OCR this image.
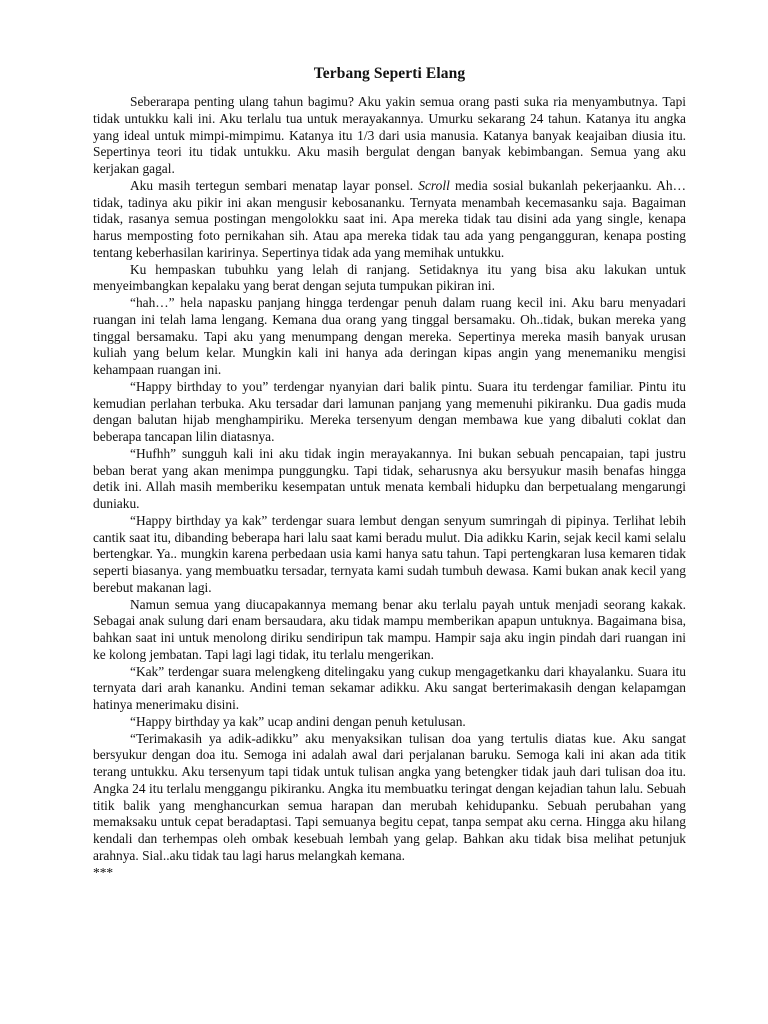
Terbang Seperti Elang

Seberarapa penting ulang tahun bagimu? Aku yakin semua orang pasti suka ria menyambutnya. Tapi tidak untukku kali ini. Aku terlalu tua untuk merayakannya. Umurku sekarang 24 tahun. Katanya itu angka yang ideal untuk mimpi-mimpimu. Katanya itu 1/3 dari usia manusia. Katanya banyak keajaiban diusia itu. Sepertinya teori itu tidak untukku. Aku masih bergulat dengan banyak kebimbangan. Semua yang aku kerjakan gagal.

Aku masih tertegun sembari menatap layar ponsel. Scroll media sosial bukanlah pekerjaanku. Ah… tidak, tadinya aku pikir ini akan mengusir kebosananku. Ternyata menambah kecemasanku saja. Bagaiman tidak, rasanya semua postingan mengolokku saat ini. Apa mereka tidak tau disini ada yang single, kenapa harus memposting foto pernikahan sih. Atau apa mereka tidak tau ada yang pengangguran, kenapa posting tentang keberhasilan karirinya. Sepertinya tidak ada yang memihak untukku.

Ku hempaskan tubuhku yang lelah di ranjang. Setidaknya itu yang bisa aku lakukan untuk menyeimbangkan kepalaku yang berat dengan sejuta tumpukan pikiran ini.

“hah…” hela napasku panjang hingga terdengar penuh dalam ruang kecil ini. Aku baru menyadari ruangan ini telah lama lengang. Kemana dua orang yang tinggal bersamaku. Oh..tidak, bukan mereka yang tinggal bersamaku. Tapi aku yang menumpang dengan mereka. Sepertinya mereka masih banyak urusan kuliah yang belum kelar. Mungkin kali ini hanya ada deringan kipas angin yang menemaniku mengisi kehampaan ruangan ini.

“Happy birthday to you” terdengar nyanyian dari balik pintu. Suara itu terdengar familiar. Pintu itu kemudian perlahan terbuka. Aku tersadar dari lamunan panjang yang memenuhi pikiranku. Dua gadis muda dengan balutan hijab menghampiriku. Mereka tersenyum dengan membawa kue yang dibaluti coklat dan beberapa tancapan lilin diatasnya.

“Hufhh” sungguh kali ini aku tidak ingin merayakannya. Ini bukan sebuah pencapaian, tapi justru beban berat yang akan menimpa punggungku. Tapi tidak, seharusnya aku bersyukur masih benafas hingga detik ini. Allah masih memberiku kesempatan untuk menata kembali hidupku dan berpetualang mengarungi duniaku.

“Happy birthday ya kak” terdengar suara lembut dengan senyum sumringah di pipinya. Terlihat lebih cantik saat itu, dibanding beberapa hari lalu saat kami beradu mulut. Dia adikku Karin, sejak kecil kami selalu bertengkar. Ya.. mungkin karena perbedaan usia kami hanya satu tahun. Tapi pertengkaran lusa kemaren tidak seperti biasanya. yang membuatku tersadar, ternyata kami sudah tumbuh dewasa. Kami bukan anak kecil yang berebut makanan lagi.

Namun semua yang diucapakannya memang benar aku terlalu payah untuk menjadi seorang kakak. Sebagai anak sulung dari enam bersaudara, aku tidak mampu memberikan apapun untuknya. Bagaimana bisa, bahkan saat ini untuk menolong diriku sendiripun tak mampu. Hampir saja aku ingin pindah dari ruangan ini ke kolong jembatan. Tapi lagi lagi tidak, itu terlalu mengerikan.

“Kak” terdengar suara melengkeng ditelingaku yang cukup mengagetkanku dari khayalanku. Suara itu ternyata dari arah kananku. Andini teman sekamar adikku. Aku sangat berterimakasih dengan kelapamgan hatinya menerimaku disini.

“Happy birthday ya kak” ucap andini dengan penuh ketulusan.

“Terimakasih ya adik-adikku” aku menyaksikan tulisan doa yang tertulis diatas kue. Aku sangat bersyukur dengan doa itu. Semoga ini adalah awal dari perjalanan baruku. Semoga kali ini akan ada titik terang untukku. Aku tersenyum tapi tidak untuk tulisan angka yang betengker tidak jauh dari tulisan doa itu. Angka 24 itu terlalu menggangu pikiranku. Angka itu membuatku teringat dengan kejadian tahun lalu. Sebuah titik balik yang menghancurkan semua harapan dan merubah kehidupanku. Sebuah perubahan yang memaksaku untuk cepat beradaptasi. Tapi semuanya begitu cepat, tanpa sempat aku cerna. Hingga aku hilang kendali dan terhempas oleh ombak kesebuah lembah yang gelap. Bahkan aku tidak bisa melihat petunjuk arahnya. Sial..aku tidak tau lagi harus melangkah kemana.

***
